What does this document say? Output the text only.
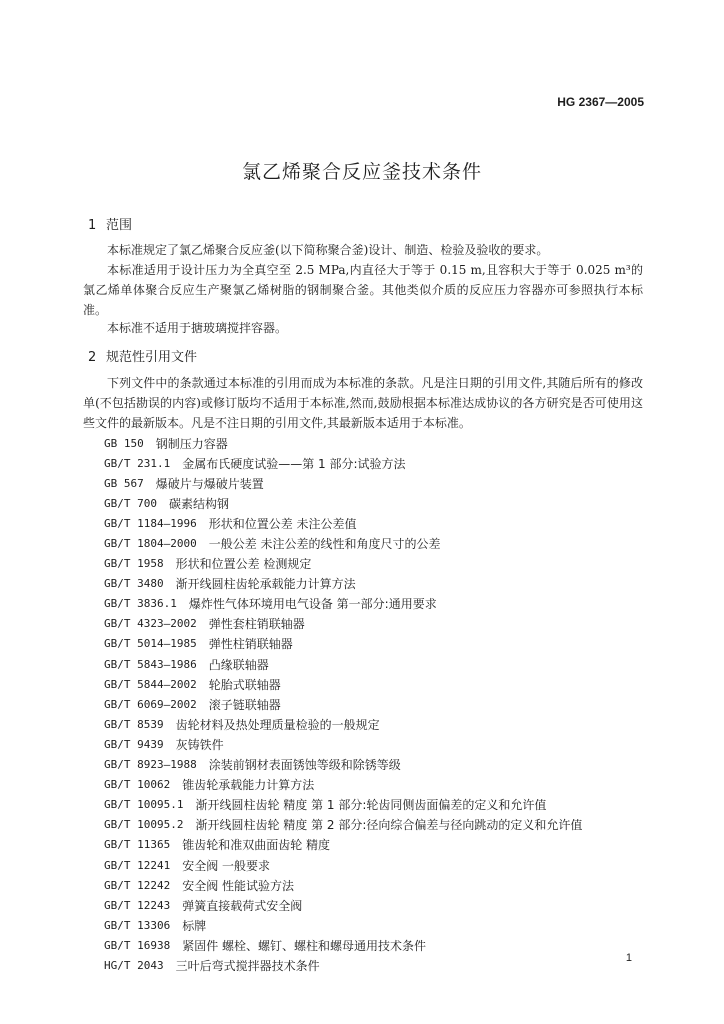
HG 2367—2005
氯乙烯聚合反应釜技术条件
1 范围

本标准规定了氯乙烯聚合反应釜(以下简称聚合釜)设计、制造、检验及验收的要求。

本标准适用于设计压力为全真空至 2.5 MPa,内直径大于等于 0.15 m,且容积大于等于 0.025 m³的氯乙烯单体聚合反应生产聚氯乙烯树脂的钢制聚合釜。其他类似介质的反应压力容器亦可参照执行本标准。

本标准不适用于搪玻璃搅拌容器。

2 规范性引用文件

下列文件中的条款通过本标准的引用而成为本标准的条款。凡是注日期的引用文件,其随后所有的修改单(不包括勘误的内容)或修订版均不适用于本标准,然而,鼓励根据本标准达成协议的各方研究是否可使用这些文件的最新版本。凡是不注日期的引用文件,其最新版本适用于本标准。

GB 150 钢制压力容器
GB/T 231.1 金属布氏硬度试验——第 1 部分:试验方法
GB 567 爆破片与爆破片装置
GB/T 700 碳素结构钢
GB/T 1184—1996 形状和位置公差 未注公差值
GB/T 1804—2000 一般公差 未注公差的线性和角度尺寸的公差
GB/T 1958 形状和位置公差 检测规定
GB/T 3480 渐开线圆柱齿轮承载能力计算方法
GB/T 3836.1 爆炸性气体环境用电气设备 第一部分:通用要求
GB/T 4323—2002 弹性套柱销联轴器
GB/T 5014—1985 弹性柱销联轴器
GB/T 5843—1986 凸缘联轴器
GB/T 5844—2002 轮胎式联轴器
GB/T 6069—2002 滚子链联轴器
GB/T 8539 齿轮材料及热处理质量检验的一般规定
GB/T 9439 灰铸铁件
GB/T 8923—1988 涂装前钢材表面锈蚀等级和除锈等级
GB/T 10062 锥齿轮承载能力计算方法
GB/T 10095.1 渐开线圆柱齿轮 精度 第 1 部分:轮齿同侧齿面偏差的定义和允许值
GB/T 10095.2 渐开线圆柱齿轮 精度 第 2 部分:径向综合偏差与径向跳动的定义和允许值
GB/T 11365 锥齿轮和准双曲面齿轮 精度
GB/T 12241 安全阀 一般要求
GB/T 12242 安全阀 性能试验方法
GB/T 12243 弹簧直接载荷式安全阀
GB/T 13306 标牌
GB/T 16938 紧固件 螺栓、螺钉、螺柱和螺母通用技术条件
HG/T 2043 三叶后弯式搅拌器技术条件
1
